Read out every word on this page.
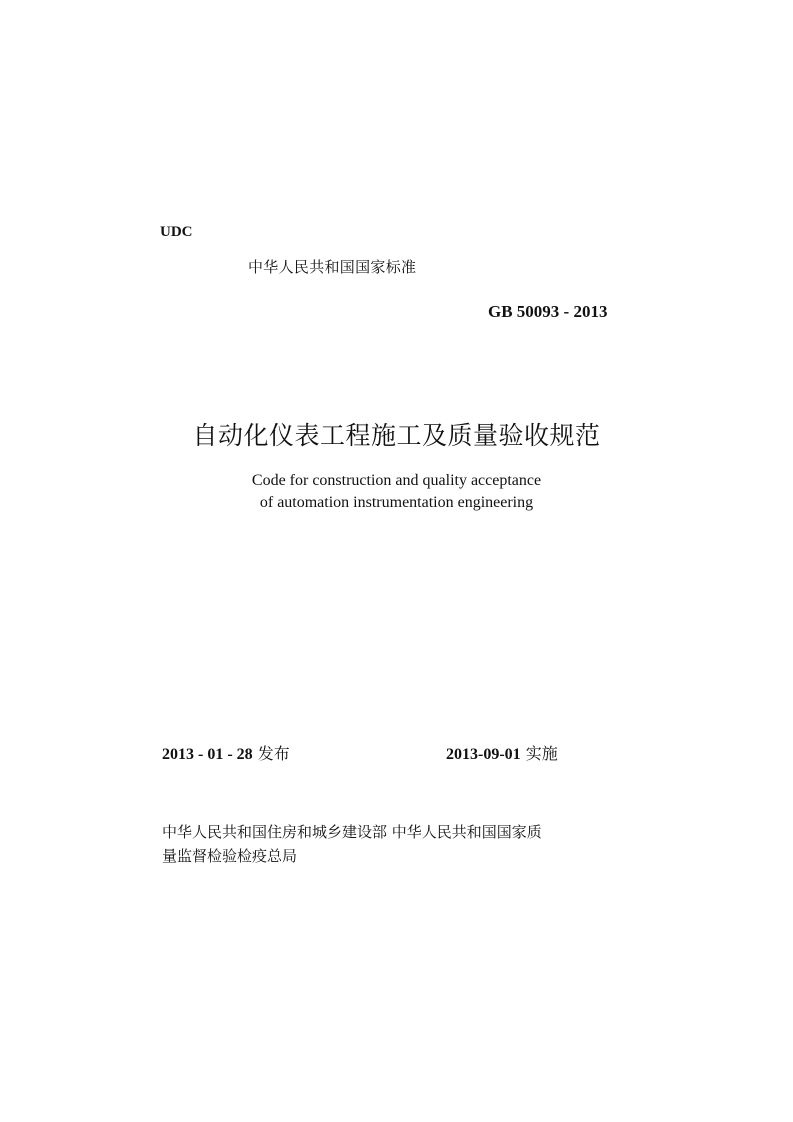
UDC
中华人民共和国国家标准
GB 50093 - 2013
自动化仪表工程施工及质量验收规范
Code for construction and quality acceptance
of automation instrumentation engineering
2013 - 01 - 28 发布	2013-09-01 实施
中华人民共和国住房和城乡建设部 中华人民共和国国家质
量监督检验检疫总局
